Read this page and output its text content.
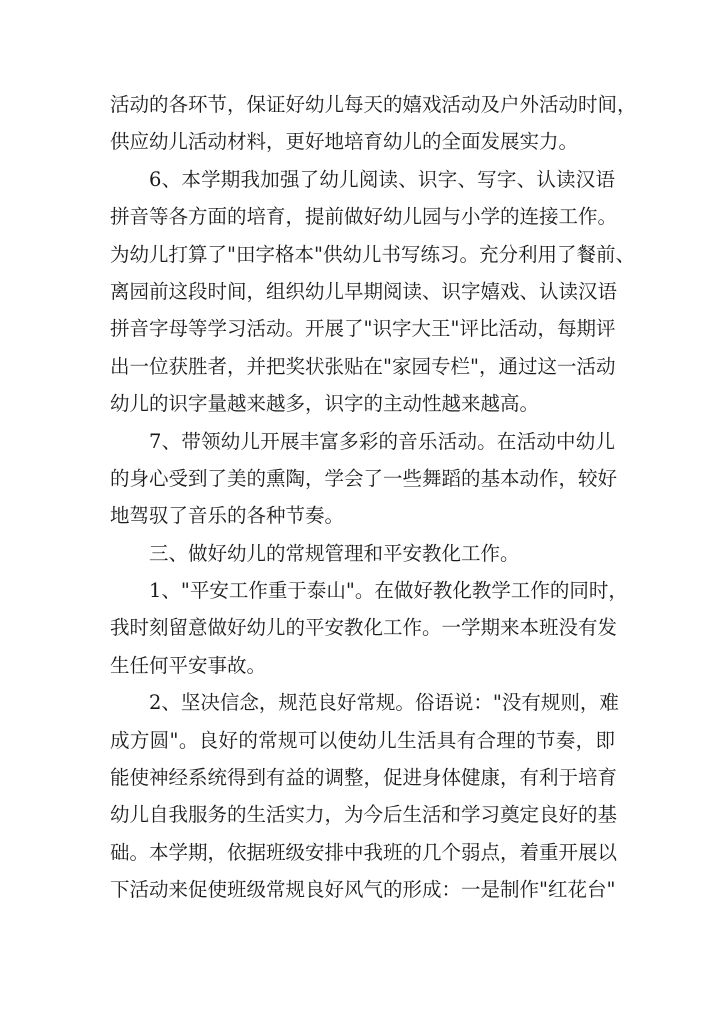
活动的各环节，保证好幼儿每天的嬉戏活动及户外活动时间，
供应幼儿活动材料，更好地培育幼儿的全面发展实力。
6、本学期我加强了幼儿阅读、识字、写字、认读汉语
拼音等各方面的培育，提前做好幼儿园与小学的连接工作。
为幼儿打算了"田字格本"供幼儿书写练习。充分利用了餐前、
离园前这段时间，组织幼儿早期阅读、识字嬉戏、认读汉语
拼音字母等学习活动。开展了"识字大王"评比活动，每期评
出一位获胜者，并把奖状张贴在"家园专栏"，通过这一活动
幼儿的识字量越来越多，识字的主动性越来越高。
7、带领幼儿开展丰富多彩的音乐活动。在活动中幼儿
的身心受到了美的熏陶，学会了一些舞蹈的基本动作，较好
地驾驭了音乐的各种节奏。
三、做好幼儿的常规管理和平安教化工作。
1、"平安工作重于泰山"。在做好教化教学工作的同时，
我时刻留意做好幼儿的平安教化工作。一学期来本班没有发
生任何平安事故。
2、坚决信念，规范良好常规。俗语说："没有规则，难
成方圆"。良好的常规可以使幼儿生活具有合理的节奏，即
能使神经系统得到有益的调整，促进身体健康，有利于培育
幼儿自我服务的生活实力，为今后生活和学习奠定良好的基
础。本学期，依据班级安排中我班的几个弱点，着重开展以
下活动来促使班级常规良好风气的形成：一是制作"红花台"
